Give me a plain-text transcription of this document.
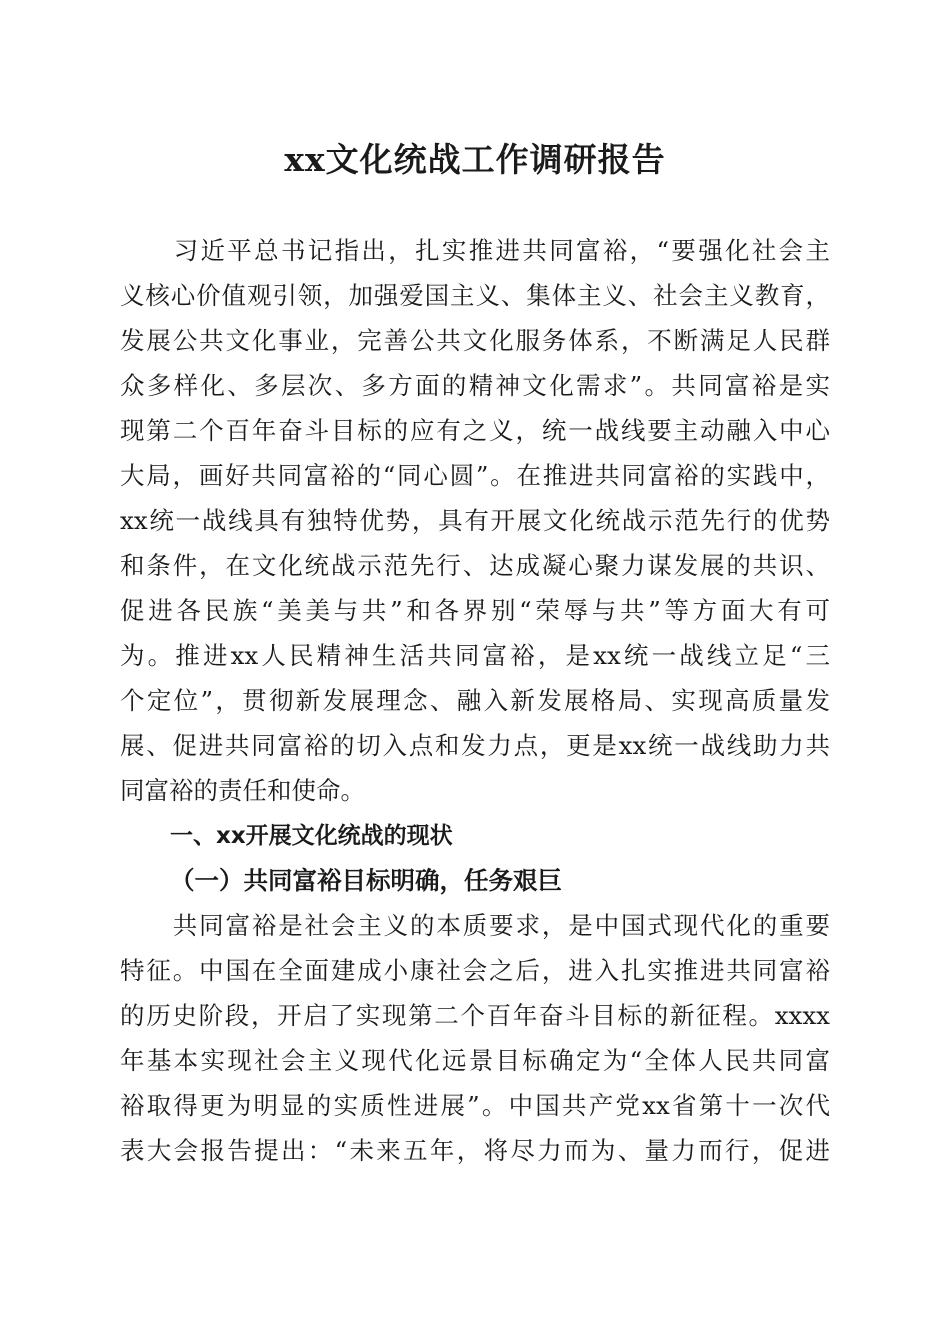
xx文化统战工作调研报告
　　习近平总书记指出，扎实推进共同富裕，“要强化社会主
义核心价值观引领，加强爱国主义、集体主义、社会主义教育，
发展公共文化事业，完善公共文化服务体系，不断满足人民群
众多样化、多层次、多方面的精神文化需求”。共同富裕是实
现第二个百年奋斗目标的应有之义，统一战线要主动融入中心
大局，画好共同富裕的“同心圆”。在推进共同富裕的实践中，
xx统一战线具有独特优势，具有开展文化统战示范先行的优势
和条件，在文化统战示范先行、达成凝心聚力谋发展的共识、
促进各民族“美美与共”和各界别“荣辱与共”等方面大有可
为。推进xx人民精神生活共同富裕，是xx统一战线立足“三
个定位”，贯彻新发展理念、融入新发展格局、实现高质量发
展、促进共同富裕的切入点和发力点，更是xx统一战线助力共
同富裕的责任和使命。
一、xx开展文化统战的现状
（一）共同富裕目标明确，任务艰巨
　　共同富裕是社会主义的本质要求，是中国式现代化的重要
特征。中国在全面建成小康社会之后，进入扎实推进共同富裕
的历史阶段，开启了实现第二个百年奋斗目标的新征程。xxxx
年基本实现社会主义现代化远景目标确定为“全体人民共同富
裕取得更为明显的实质性进展”。中国共产党xx省第十一次代
表大会报告提出：“未来五年，将尽力而为、量力而行，促进
